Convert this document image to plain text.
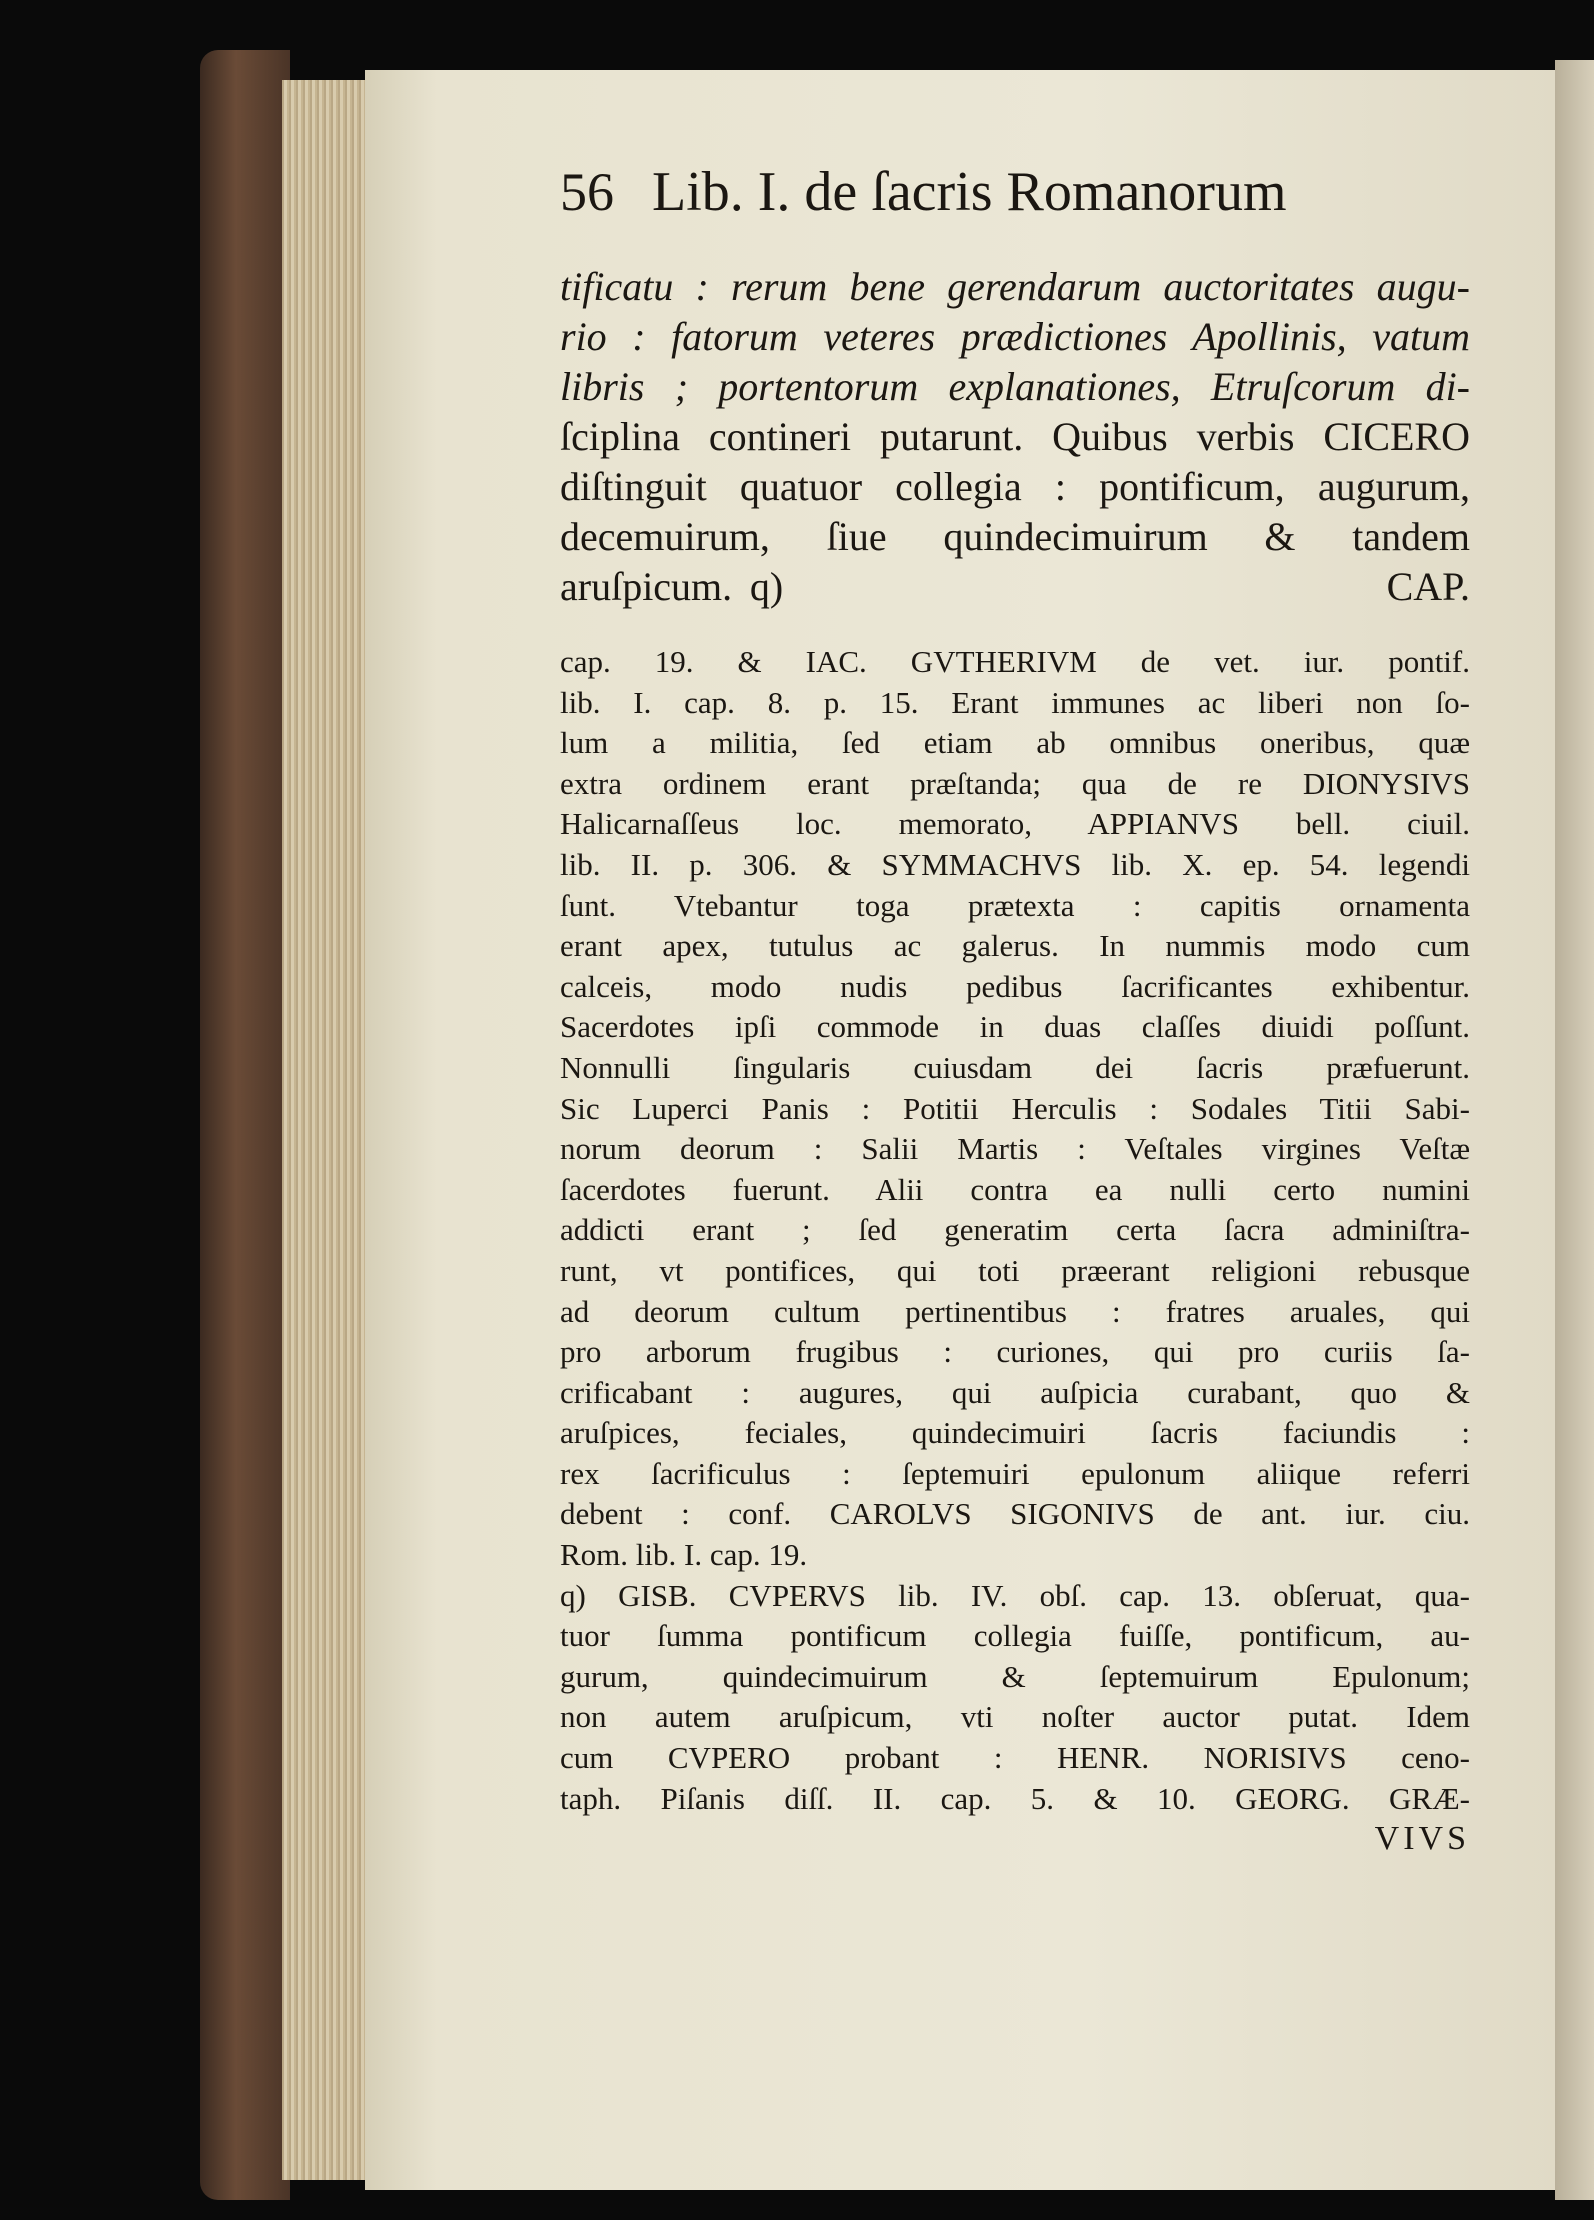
56 Lib. I. de ſacris Romanorum
tificatu : rerum bene gerendarum auctoritates augu-
rio : fatorum veteres prædictiones Apollinis, vatum
libris ; portentorum explanationes, Etruſcorum di-
ſciplina contineri putarunt. Quibus verbis CICERO
diſtinguit quatuor collegia : pontificum, augurum,
decemuirum, ſiue quindecimuirum & tandem
aruſpicum. q)                                  CAP.
cap. 19. & IAC. GVTHERIVM de vet. iur. pontif.
lib. I. cap. 8. p. 15. Erant immunes ac liberi non ſo-
lum a militia, ſed etiam ab omnibus oneribus, quæ
extra ordinem erant præſtanda; qua de re DIONYSIVS
Halicarnaſſeus loc. memorato, APPIANVS bell. ciuil.
lib. II. p. 306. & SYMMACHVS lib. X. ep. 54. legendi
ſunt. Vtebantur toga prætexta : capitis ornamenta
erant apex, tutulus ac galerus. In nummis modo cum
calceis, modo nudis pedibus ſacrificantes exhibentur.
Sacerdotes ipſi commode in duas claſſes diuidi poſſunt.
Nonnulli ſingularis cuiusdam dei ſacris præfuerunt.
Sic Luperci Panis : Potitii Herculis : Sodales Titii Sabi-
norum deorum : Salii Martis : Veſtales virgines Veſtæ
ſacerdotes fuerunt. Alii contra ea nulli certo numini
addicti erant ; ſed generatim certa ſacra adminiſtra-
runt, vt pontifices, qui toti præerant religioni rebusque
ad deorum cultum pertinentibus : fratres aruales, qui
pro arborum frugibus : curiones, qui pro curiis ſa-
crificabant : augures, qui auſpicia curabant, quo &
aruſpices, feciales, quindecimuiri ſacris faciundis :
rex ſacrificulus : ſeptemuiri epulonum aliique referri
debent : conf. CAROLVS SIGONIVS de ant. iur. ciu.
Rom. lib. I. cap. 19.
q) GISB. CVPERVS lib. IV. obſ. cap. 13. obſeruat, qua-
tuor ſumma pontificum collegia fuiſſe, pontificum, au-
gurum, quindecimuirum & ſeptemuirum Epulonum;
non autem aruſpicum, vti noſter auctor putat. Idem
cum CVPERO probant : HENR. NORISIVS ceno-
taph. Piſanis diſſ. II. cap. 5. & 10. GEORG. GRÆ-
VIVS
